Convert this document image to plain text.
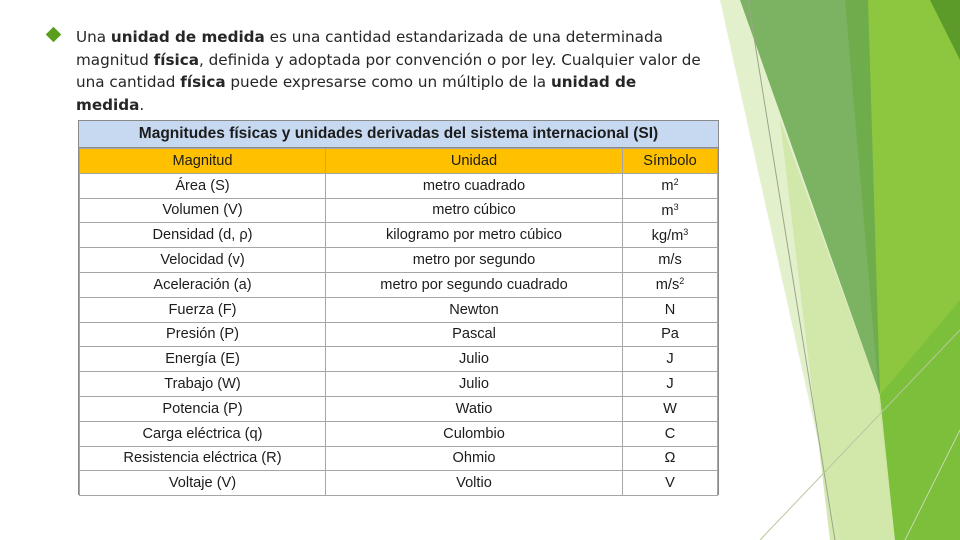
Una unidad de medida es una cantidad estandarizada de una determinada magnitud física, definida y adoptada por convención o por ley. Cualquier valor de una cantidad física puede expresarse como un múltiplo de la unidad de medida.

Magnitudes físicas y unidades derivadas del sistema internacional (SI)
Magnitud	Unidad	Símbolo
Área (S)	metro cuadrado	$m^2$
Volumen (V)	metro cúbico	$m^3$
Densidad (d, ρ)	kilogramo por metro cúbico	$kg/m^3$
Velocidad (v)	metro por segundo	m/s
Aceleración (a)	metro por segundo cuadrado	$m/s^2$
Fuerza (F)	Newton	N
Presión (P)	Pascal	Pa
Energía (E)	Julio	J
Trabajo (W)	Julio	J
Potencia (P)	Watio	W
Carga eléctrica (q)	Culombio	C
Resistencia eléctrica (R)	Ohmio	Ω
Voltaje (V)	Voltio	V
